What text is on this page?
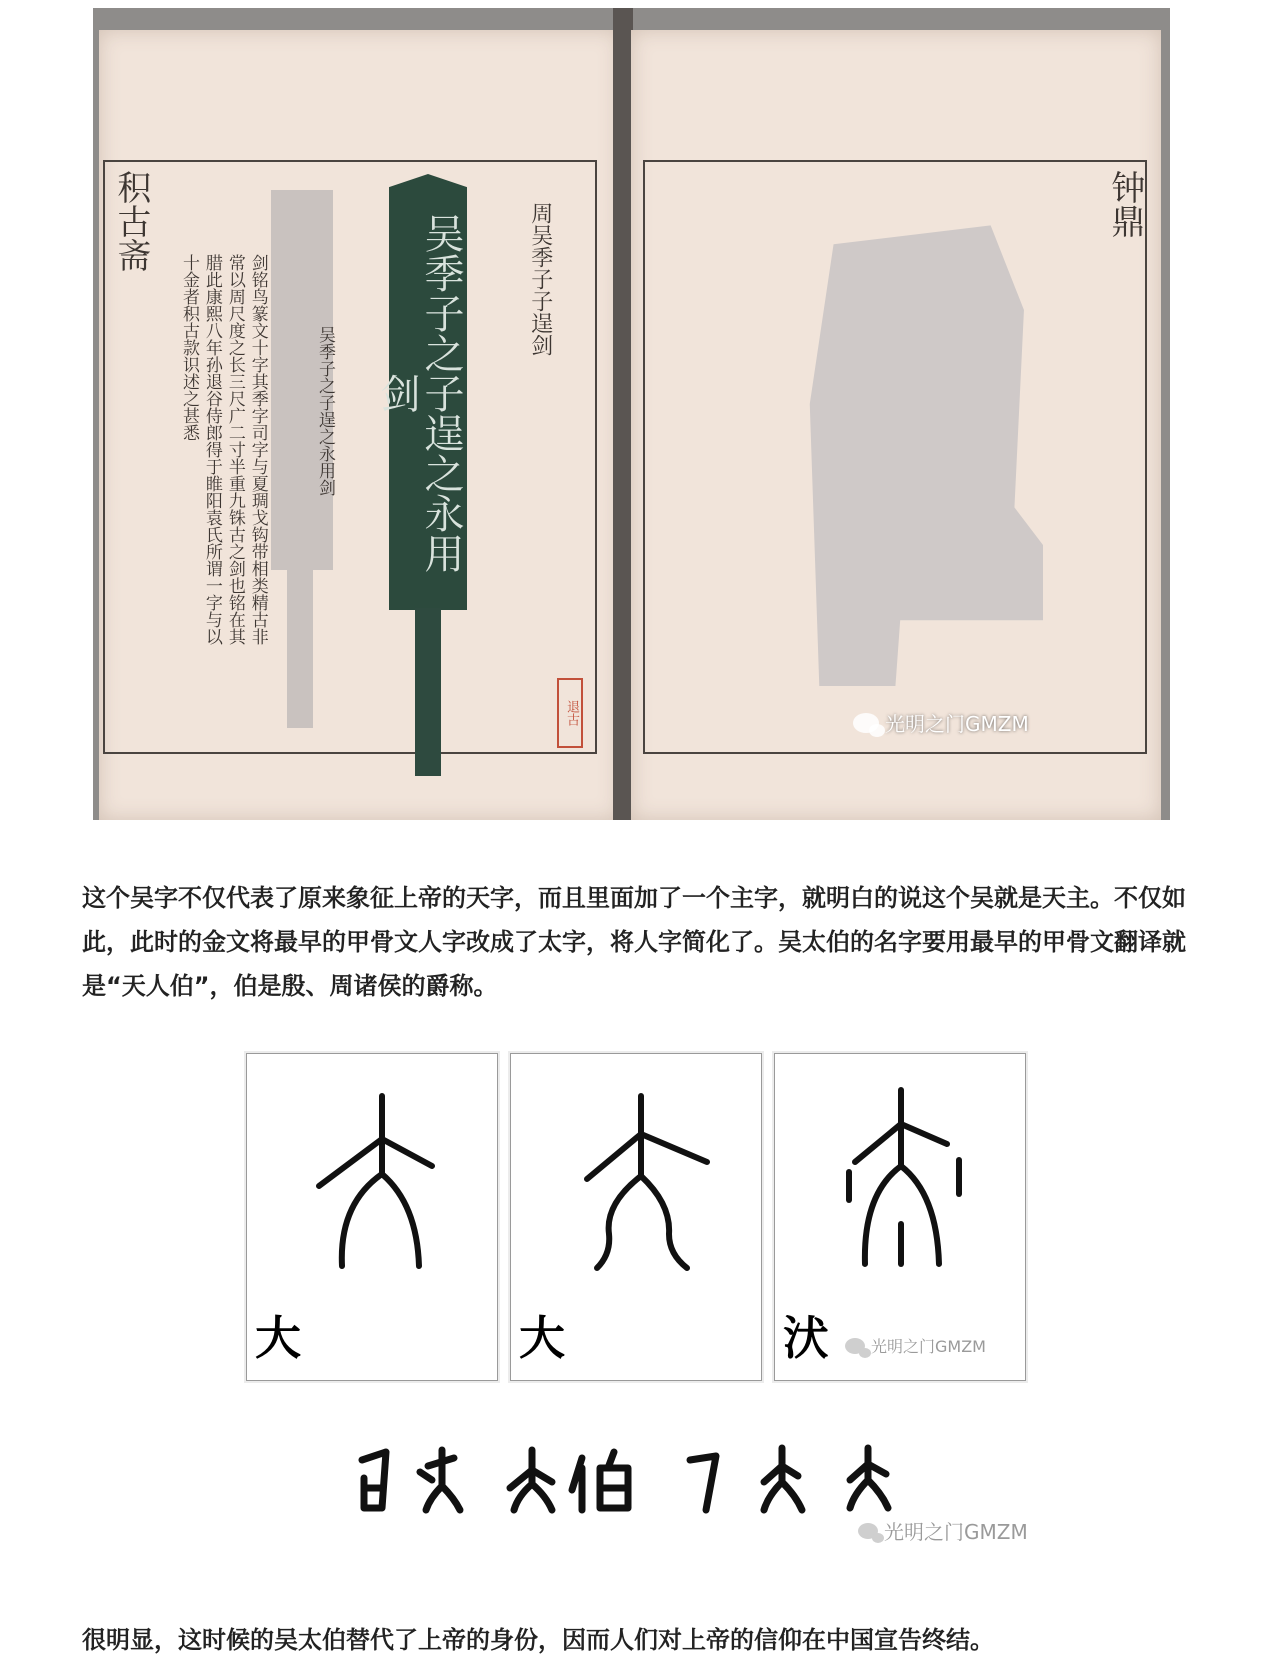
积古斋	周吴季子子逞剑
吴季子之子逞之永用剑
剑铭鸟篆文十字其季字司字与夏琱戈钩带相类精古非常以周尺度之长三尺广二寸半重九铢古之剑也铭在其腊此康熙八年孙退谷侍郎得于睢阳袁氏所谓一字与以十金者积古款识述之甚悉
钟鼎
吴季子之子逞之永用剑
退古	光明之门GMZM

这个吴字不仅代表了原来象征上帝的天字，而且里面加了一个主字，就明白的说这个吴就是天主。不仅如此，此时的金文将最早的甲骨文人字改成了太字，将人字简化了。吴太伯的名字要用最早的甲骨文翻译就是“天人伯”，伯是殷、周诸侯的爵称。

大	大	汱	光明之门GMZM
光明之门GMZM

很明显，这时候的吴太伯替代了上帝的身份，因而人们对上帝的信仰在中国宣告终结。
